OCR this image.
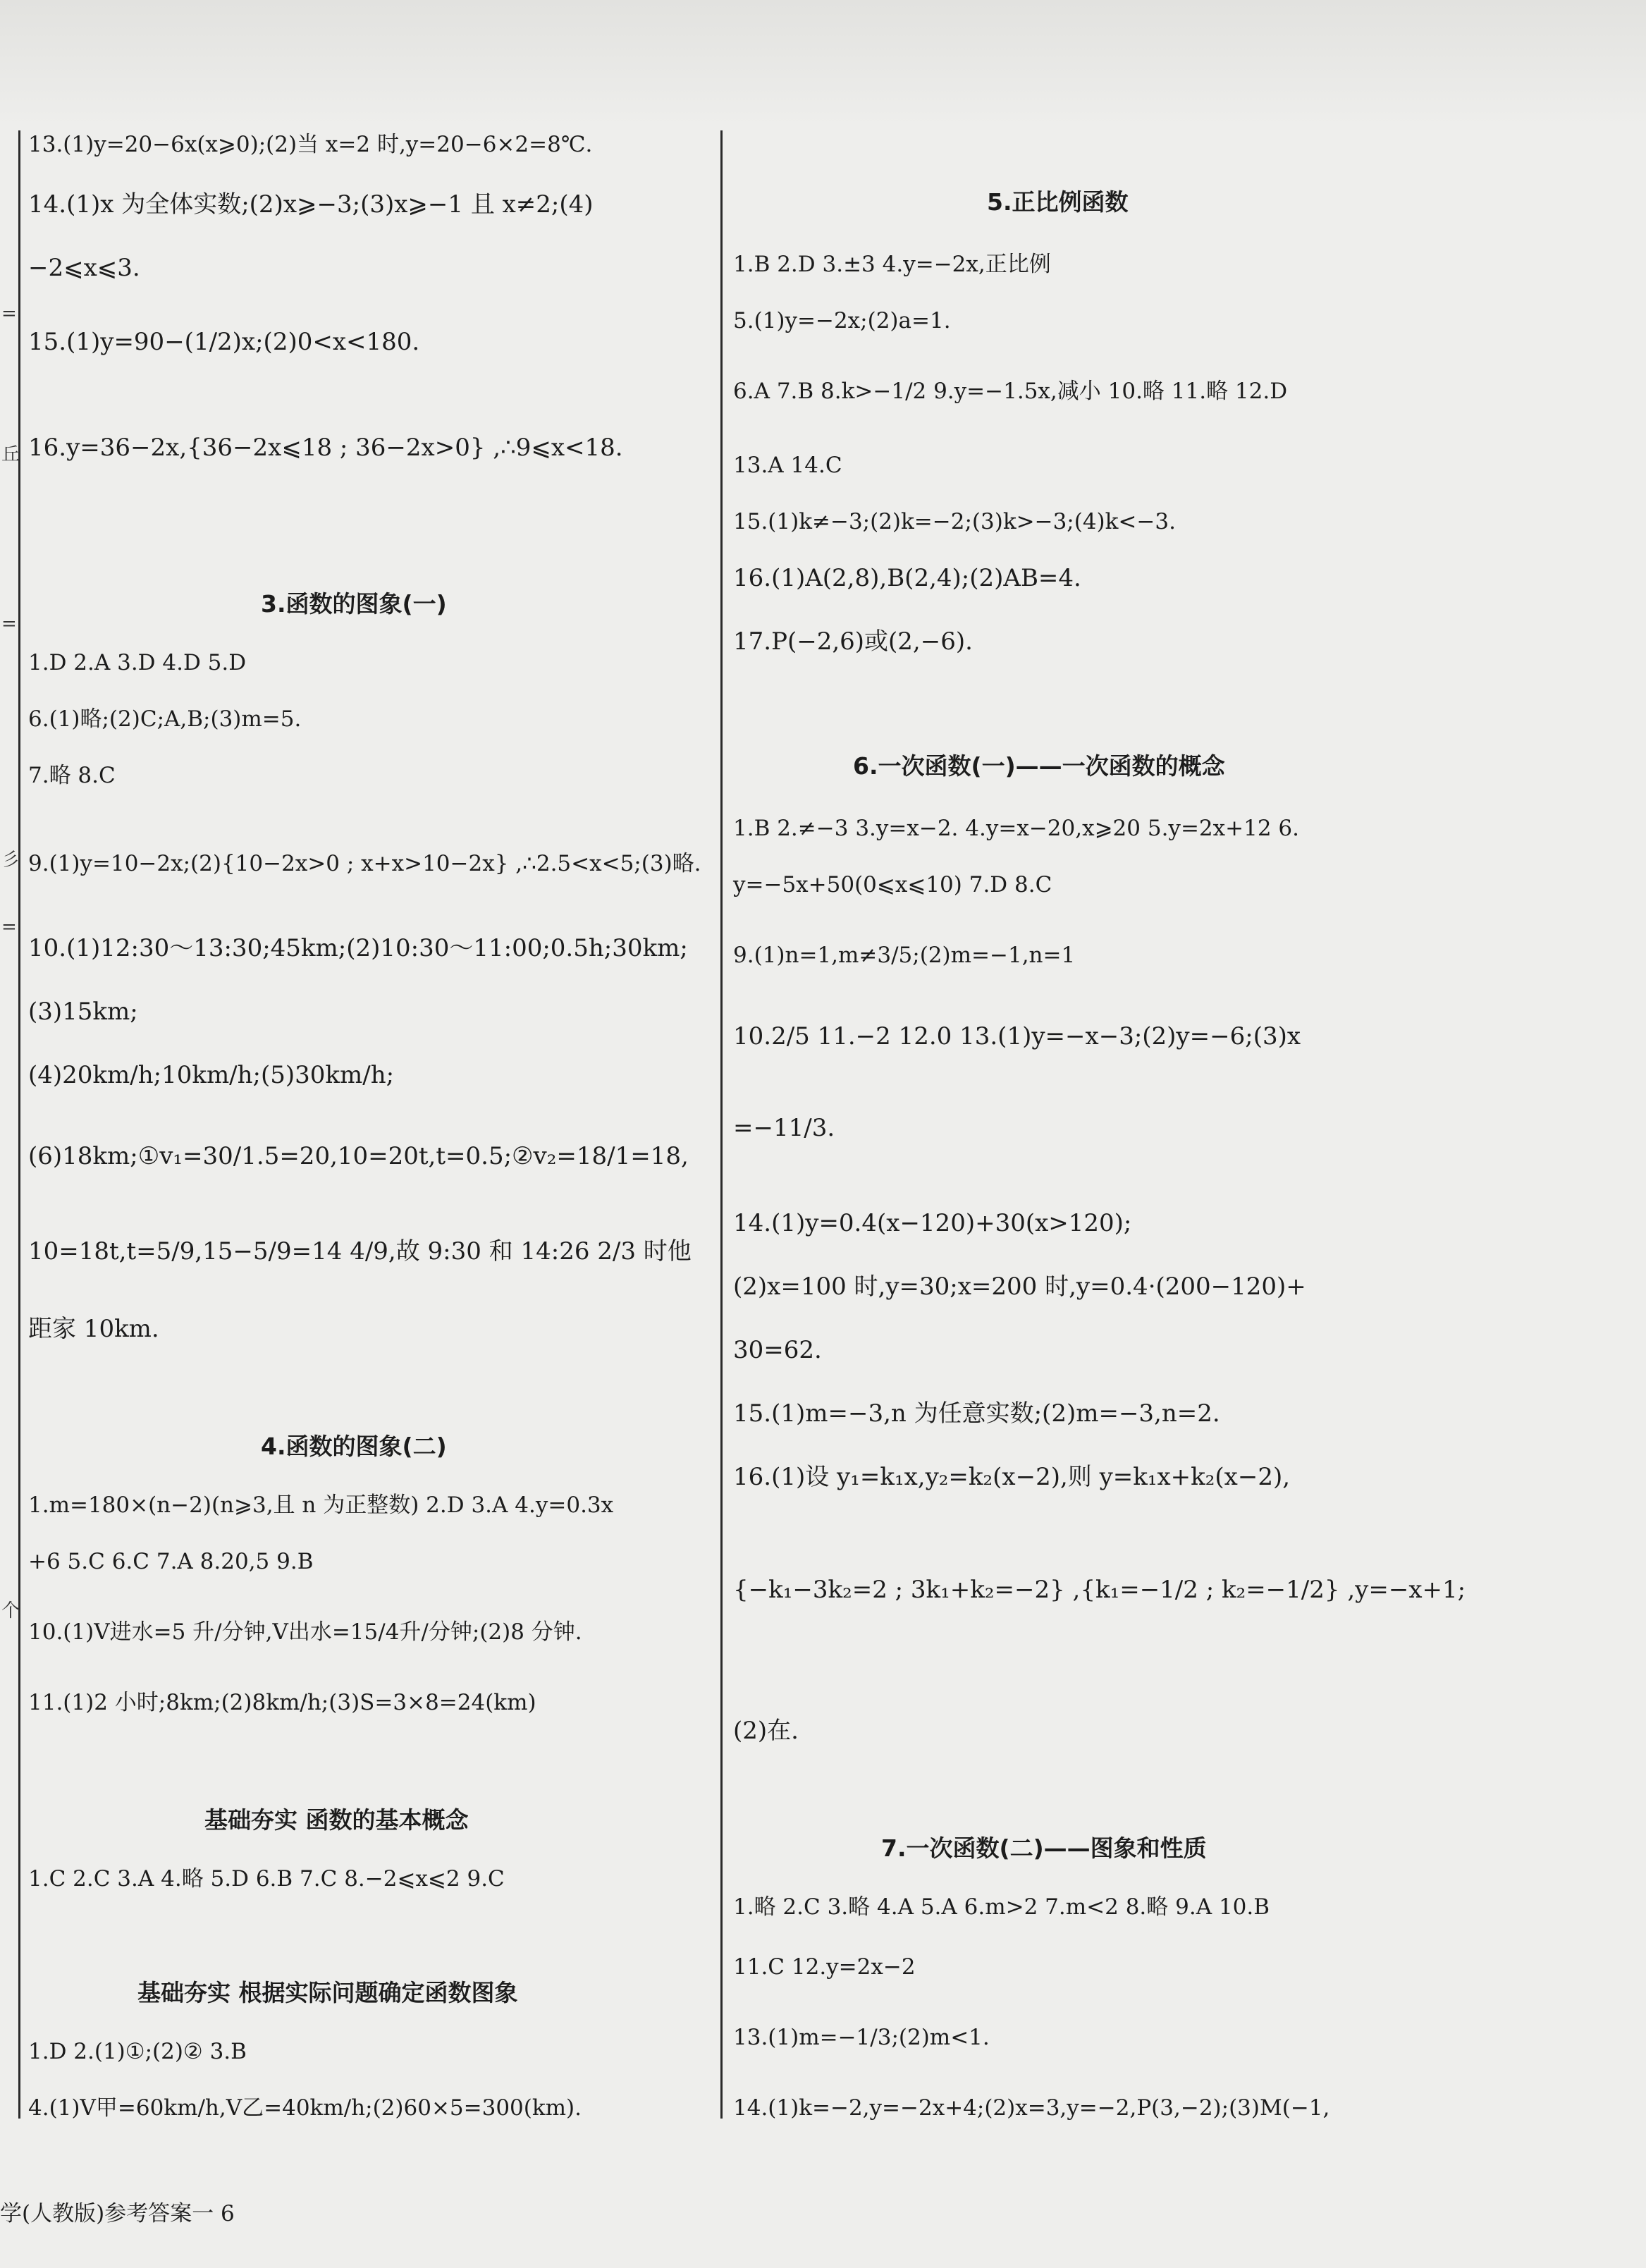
=
丘
=
彡
=
个
13.(1)y=20−6x(x⩾0);(2)当 x=2 时,y=20−6×2=8℃.
14.(1)x 为全体实数;(2)x⩾−3;(3)x⩾−1 且 x≠2;(4)
−2⩽x⩽3.
15.(1)y=90−(1/2)x;(2)0<x<180.
16.y=36−2x,{36−2x⩽18 ; 36−2x>0} ,∴9⩽x<18.
3.函数的图象(一)
1.D 2.A 3.D 4.D 5.D
6.(1)略;(2)C;A,B;(3)m=5.
7.略 8.C
9.(1)y=10−2x;(2){10−2x>0 ; x+x>10−2x} ,∴2.5<x<5;(3)略.
10.(1)12:30～13:30;45km;(2)10:30～11:00;0.5h;30km;
(3)15km;
(4)20km/h;10km/h;(5)30km/h;
(6)18km;①v₁=30/1.5=20,10=20t,t=0.5;②v₂=18/1=18,
10=18t,t=5/9,15−5/9=14 4/9,故 9:30 和 14:26 2/3 时他
距家 10km.
4.函数的图象(二)
1.m=180×(n−2)(n⩾3,且 n 为正整数) 2.D 3.A 4.y=0.3x
+6 5.C 6.C 7.A 8.20,5 9.B
10.(1)V进水=5 升/分钟,V出水=15/4升/分钟;(2)8 分钟.
11.(1)2 小时;8km;(2)8km/h;(3)S=3×8=24(km)
基础夯实 函数的基本概念
1.C 2.C 3.A 4.略 5.D 6.B 7.C 8.−2⩽x⩽2 9.C
基础夯实 根据实际问题确定函数图象
1.D 2.(1)①;(2)② 3.B
4.(1)V甲=60km/h,V乙=40km/h;(2)60×5=300(km).
5.正比例函数
1.B 2.D 3.±3 4.y=−2x,正比例
5.(1)y=−2x;(2)a=1.
6.A 7.B 8.k>−1/2 9.y=−1.5x,减小 10.略 11.略 12.D
13.A 14.C
15.(1)k≠−3;(2)k=−2;(3)k>−3;(4)k<−3.
16.(1)A(2,8),B(2,4);(2)AB=4.
17.P(−2,6)或(2,−6).
6.一次函数(一)——一次函数的概念
1.B 2.≠−3 3.y=x−2. 4.y=x−20,x⩾20 5.y=2x+12 6.
y=−5x+50(0⩽x⩽10) 7.D 8.C
9.(1)n=1,m≠3/5;(2)m=−1,n=1
10.2/5 11.−2 12.0 13.(1)y=−x−3;(2)y=−6;(3)x
=−11/3.
14.(1)y=0.4(x−120)+30(x>120);
(2)x=100 时,y=30;x=200 时,y=0.4·(200−120)+
30=62.
15.(1)m=−3,n 为任意实数;(2)m=−3,n=2.
16.(1)设 y₁=k₁x,y₂=k₂(x−2),则 y=k₁x+k₂(x−2),
{−k₁−3k₂=2 ; 3k₁+k₂=−2} ,{k₁=−1/2 ; k₂=−1/2} ,y=−x+1;
(2)在.
7.一次函数(二)——图象和性质
1.略 2.C 3.略 4.A 5.A 6.m>2 7.m<2 8.略 9.A 10.B
11.C 12.y=2x−2
13.(1)m=−1/3;(2)m<1.
14.(1)k=−2,y=−2x+4;(2)x=3,y=−2,P(3,−2);(3)M(−1,
学(人教版)参考答案一 6
